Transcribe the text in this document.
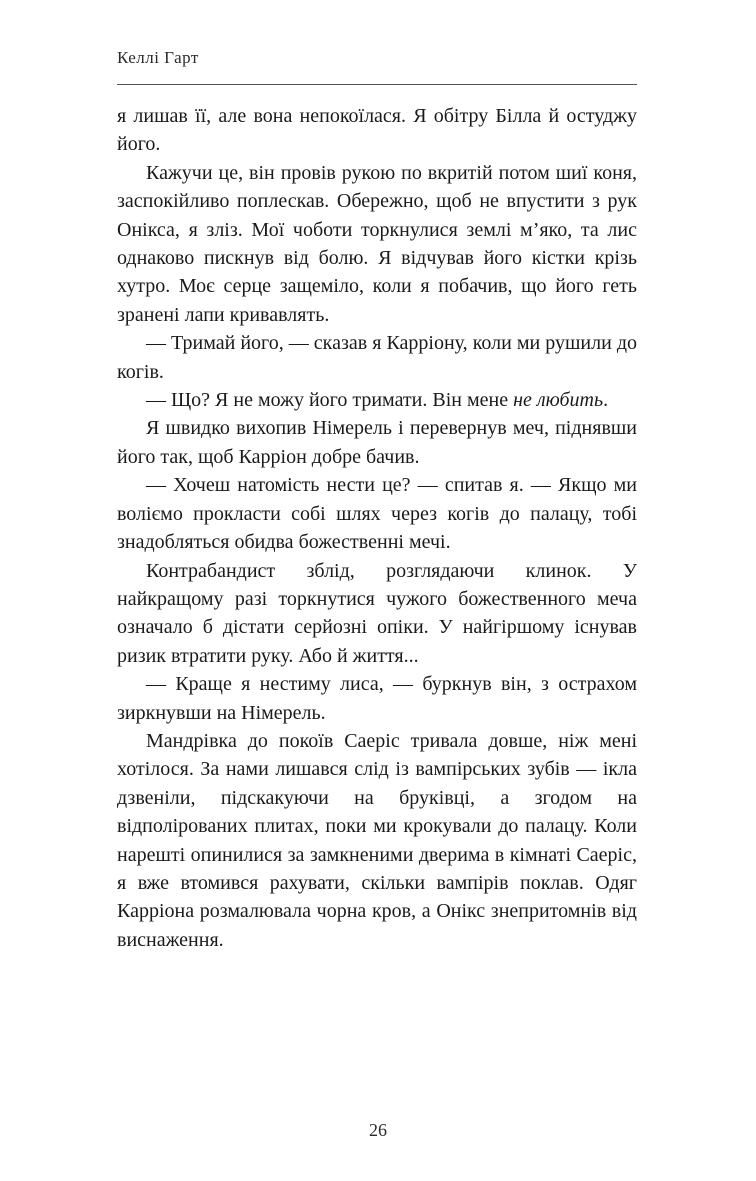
Келлі Гарт

я лишав її, але вона непокоїлася. Я обітру Білла й остуджу його.

Кажучи це, він провів рукою по вкритій потом шиї коня, заспокійливо поплескав. Обережно, щоб не впустити з рук Онікса, я зліз. Мої чоботи торкнулися землі м’яко, та лис однаково пискнув від болю. Я відчував його кістки крізь хутро. Моє серце защеміло, коли я побачив, що його геть зранені лапи кривавлять.

— Тримай його, — сказав я Карріону, коли ми рушили до когів.

— Що? Я не можу його тримати. Він мене не любить.

Я швидко вихопив Німерель і перевернув меч, піднявши його так, щоб Карріон добре бачив.

— Хочеш натомість нести це? — спитав я. — Якщо ми воліємо прокласти собі шлях через когів до палацу, тобі знадобляться обидва божественні мечі.

Контрабандист зблід, розглядаючи клинок. У найкращому разі торкнутися чужого божественного меча означало б дістати серйозні опіки. У найгіршому існував ризик втратити руку. Або й життя...

— Краще я нестиму лиса, — буркнув він, з острахом зиркнувши на Німерель.

Мандрівка до покоїв Саеріс тривала довше, ніж мені хотілося. За нами лишався слід із вампірських зубів — ікла дзвеніли, підскакуючи на бруківці, а згодом на відполірованих плитах, поки ми крокували до палацу. Коли нарешті опинилися за замкненими дверима в кімнаті Саеріс, я вже втомився рахувати, скільки вампірів поклав. Одяг Карріона розмалювала чорна кров, а Онікс знепритомнів від виснаження.

26
